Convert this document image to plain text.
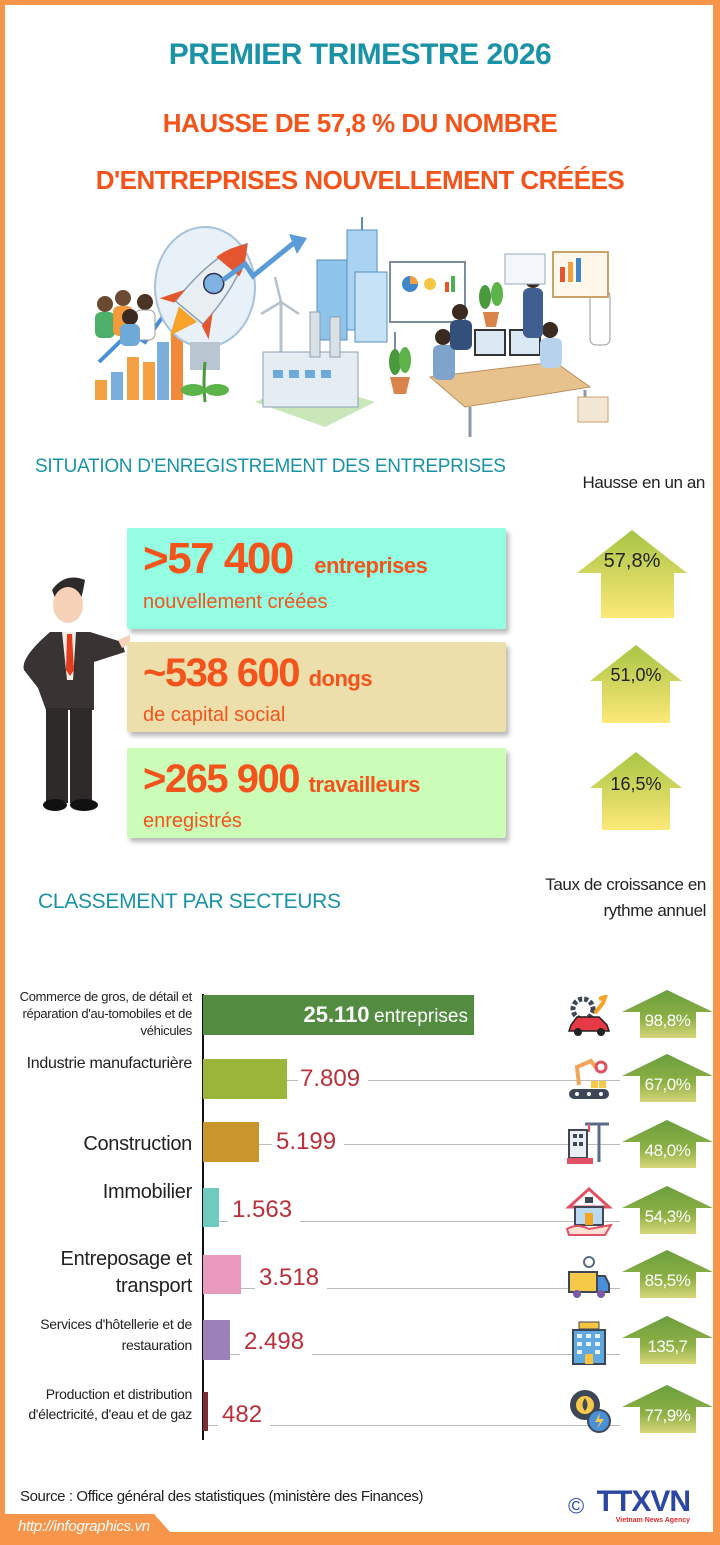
PREMIER TRIMESTRE 2026
HAUSSE DE 57,8 % DU NOMBRE
D'ENTREPRISES NOUVELLEMENT CRÉÉES
SITUATION D'ENREGISTREMENT DES ENTREPRISES
Hausse en un an
>57 400 entreprises
nouvellement créées
~538 600 dongs
de capital social
>265 900 travailleurs
enregistrés
57,8%
51,0%
16,5%
CLASSEMENT PAR SECTEURS
Taux de croissance en
rythme annuel
Commerce de gros, de détail et réparation d'au-tomobiles et de véhicules
Industrie manufacturière
Construction
Immobilier
Entreposage et transport
Services d'hôtellerie et de restauration
Production et distribution d'électricité, d'eau et de gaz
25.110 entreprises
7.809
5.199
1.563
3.518
2.498
482
98,8%
67,0%
48,0%
54,3%
85,5%
135,7
77,9%
Source : Office général des statistiques (ministère des Finances)	© TTXVN
Vietnam News Agency
http://infographics.vn
